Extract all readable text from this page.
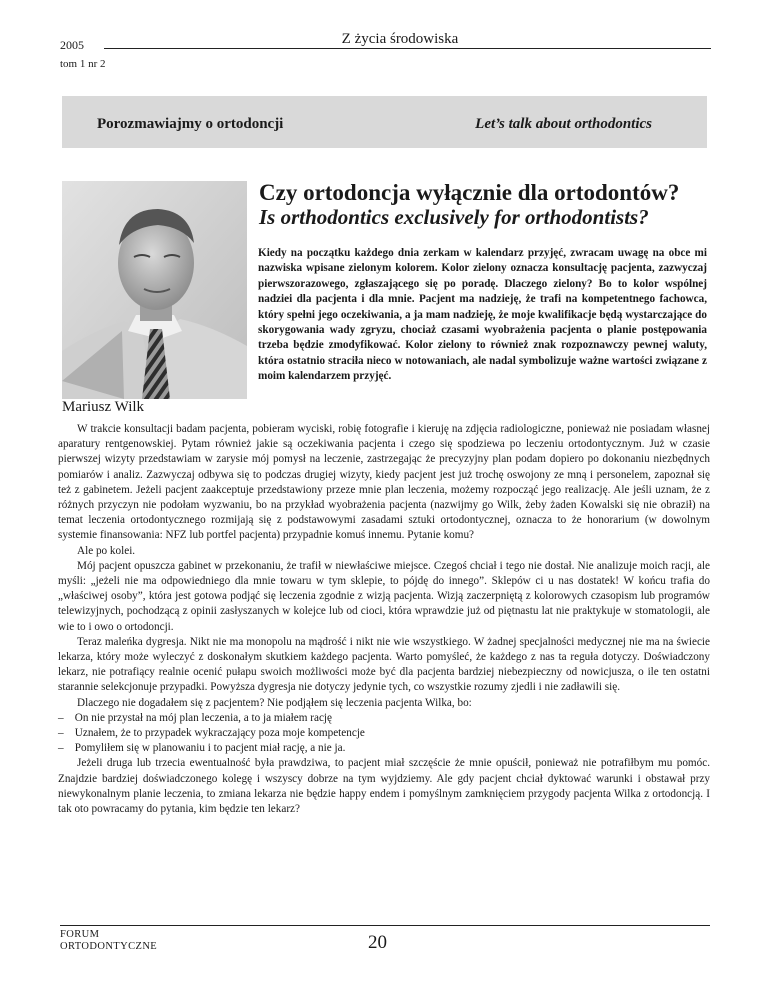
2005	Z życia środowiska
tom 1 nr 2
Porozmawiajmy o ortodoncji	Let’s talk about orthodontics
Mariusz Wilk
Czy ortodoncja wyłącznie dla ortodontów?
Is orthodontics exclusively for orthodontists?

Kiedy na początku każdego dnia zerkam w kalendarz przyjęć, zwracam uwagę na obce mi nazwiska wpisane zielonym kolorem. Kolor zielony oznacza konsultację pacjenta, zazwyczaj pierwszorazowego, zgłaszającego się po poradę. Dlaczego zielony? Bo to kolor wspólnej nadziei dla pacjenta i dla mnie. Pacjent ma nadzieję, że trafi na kompetentnego fachowca, który spełni jego oczekiwania, a ja mam nadzieję, że moje kwalifikacje będą wystarczające do skorygowania wady zgryzu, chociaż czasami wyobrażenia pacjenta o planie postępowania trzeba będzie zmodyfikować. Kolor zielony to również znak rozpoznawczy pewnej waluty, która ostatnio straciła nieco w notowaniach, ale nadal symbolizuje ważne wartości związane z moim kalendarzem przyjęć.

W trakcie konsultacji badam pacjenta, pobieram wyciski, robię fotografie i kieruję na zdjęcia radiologiczne, ponieważ nie posiadam własnej aparatury rentgenowskiej. Pytam również jakie są oczekiwania pacjenta i czego się spodziewa po leczeniu ortodontycznym. Już w czasie pierwszej wizyty przedstawiam w zarysie mój pomysł na leczenie, zastrzegając że precyzyjny plan podam dopiero po dokonaniu niezbędnych pomiarów i analiz. Zazwyczaj odbywa się to podczas drugiej wizyty, kiedy pacjent jest już trochę oswojony ze mną i personelem, zapoznał się też z gabinetem. Jeżeli pacjent zaakceptuje przedstawiony przeze mnie plan leczenia, możemy rozpocząć jego realizację. Ale jeśli uznam, że z różnych przyczyn nie podołam wyzwaniu, bo na przykład wyobrażenia pacjenta (nazwijmy go Wilk, żeby żaden Kowalski się nie obraził) na temat leczenia ortodontycznego rozmijają się z podstawowymi zasadami sztuki ortodontycznej, oznacza to że honorarium (w dowolnym systemie finansowania: NFZ lub portfel pacjenta) przypadnie komuś innemu. Pytanie komu?

Ale po kolei.

Mój pacjent opuszcza gabinet w przekonaniu, że trafił w niewłaściwe miejsce. Czegoś chciał i tego nie dostał. Nie analizuje moich racji, ale myśli: „jeżeli nie ma odpowiedniego dla mnie towaru w tym sklepie, to pójdę do innego”. Sklepów ci u nas dostatek! W końcu trafia do „właściwej osoby”, która jest gotowa podjąć się leczenia zgodnie z wizją pacjenta. Wizją zaczerpniętą z kolorowych czasopism lub programów telewizyjnych, pochodzącą z opinii zasłyszanych w kolejce lub od cioci, która wprawdzie już od piętnastu lat nie praktykuje w stomatologii, ale wie to i owo o ortodoncji.

Teraz maleńka dygresja. Nikt nie ma monopolu na mądrość i nikt nie wie wszystkiego. W żadnej specjalności medycznej nie ma na świecie lekarza, który może wyleczyć z doskonałym skutkiem każdego pacjenta. Warto pomyśleć, że każdego z nas ta reguła dotyczy. Doświadczony lekarz, nie potrafiący realnie ocenić pułapu swoich możliwości może być dla pacjenta bardziej niebezpieczny od nowicjusza, o ile ten ostatni starannie selekcjonuje przypadki. Powyższa dygresja nie dotyczy jedynie tych, co wszystkie rozumy zjedli i nie zadławili się.

Dlaczego nie dogadałem się z pacjentem? Nie podjąłem się leczenia pacjenta Wilka, bo:

–    On nie przystał na mój plan leczenia, a to ja miałem rację

–    Uznałem, że to przypadek wykraczający poza moje kompetencje

–    Pomyliłem się w planowaniu i to pacjent miał rację, a nie ja.

Jeżeli druga lub trzecia ewentualność była prawdziwa, to pacjent miał szczęście że mnie opuścił, ponieważ nie potrafiłbym mu pomóc. Znajdzie bardziej doświadczonego kolegę i wszyscy dobrze na tym wyjdziemy. Ale gdy pacjent chciał dyktować warunki i obstawał przy niewykonalnym planie leczenia, to zmiana lekarza nie będzie happy endem i pomyślnym zamknięciem przygody pacjenta Wilka z ortodoncją. I tak oto powracamy do pytania, kim będzie ten lekarz?

FORUM
ORTODONTYCZNE	20
